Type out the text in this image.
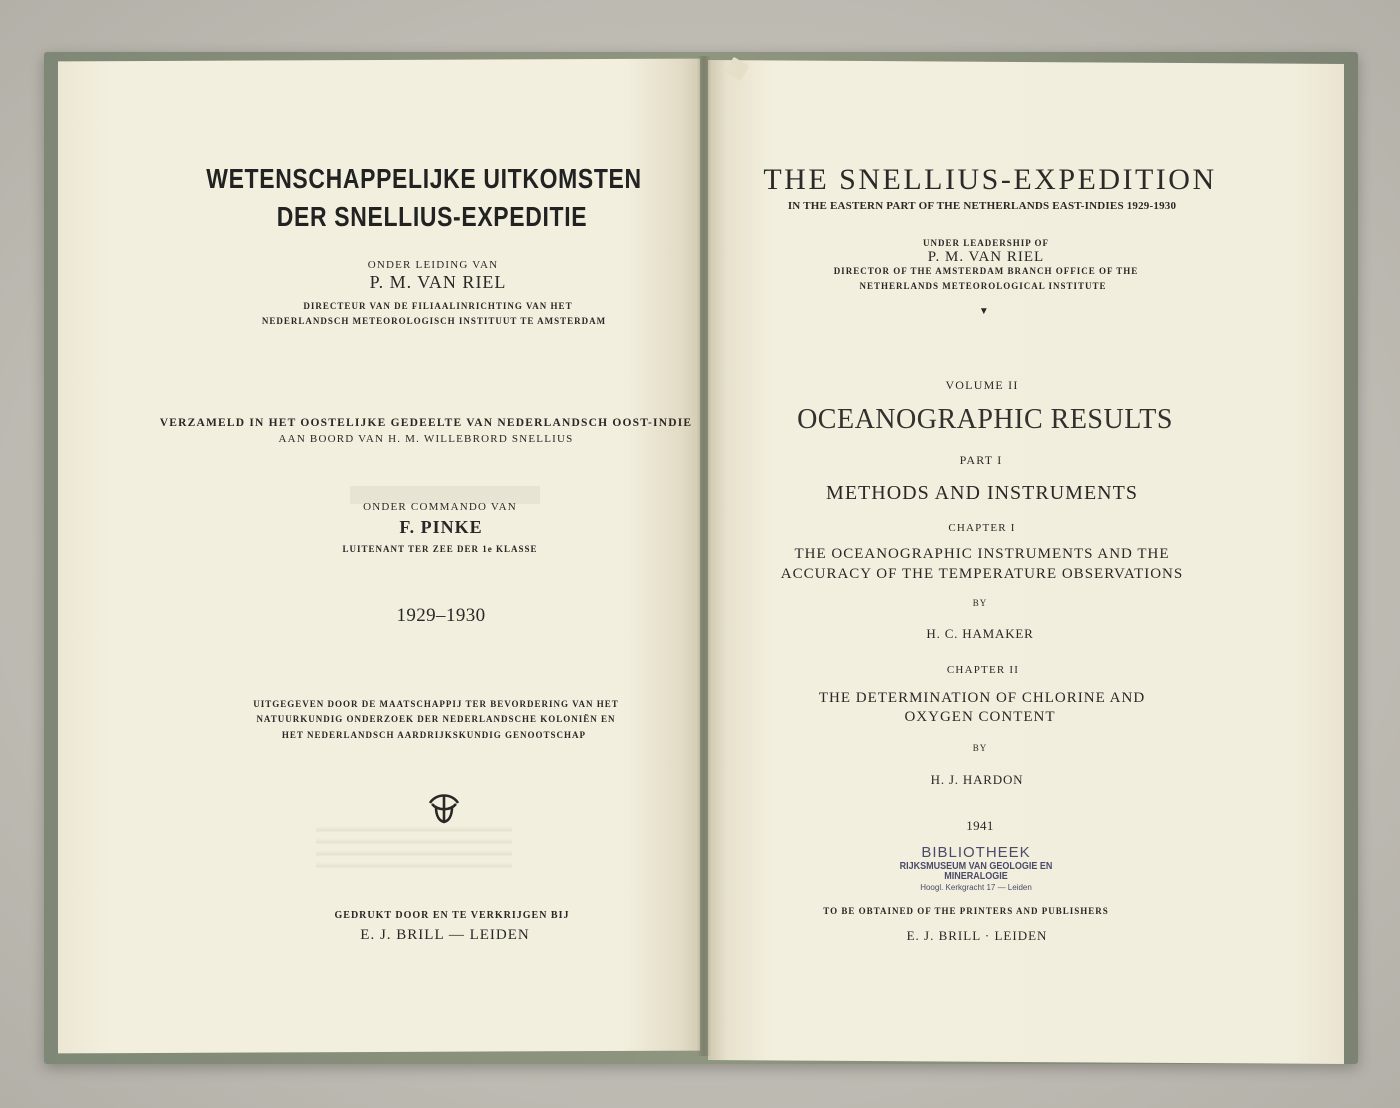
WETENSCHAPPELIJKE UITKOMSTEN
DER SNELLIUS-EXPEDITIE
ONDER LEIDING VAN
P. M. VAN RIEL
DIRECTEUR VAN DE FILIAALINRICHTING VAN HET
NEDERLANDSCH METEOROLOGISCH INSTITUUT TE AMSTERDAM
VERZAMELD IN HET OOSTELIJKE GEDEELTE VAN NEDERLANDSCH OOST-INDIE
AAN BOORD VAN H. M. WILLEBRORD SNELLIUS
ONDER COMMANDO VAN
F. PINKE
LUITENANT TER ZEE DER 1e KLASSE
1929–1930
UITGEGEVEN DOOR DE MAATSCHAPPIJ TER BEVORDERING VAN HET
NATUURKUNDIG ONDERZOEK DER NEDERLANDSCHE KOLONIËN EN
HET NEDERLANDSCH AARDRIJKSKUNDIG GENOOTSCHAP
GEDRUKT DOOR EN TE VERKRIJGEN BIJ
E. J. BRILL — LEIDEN
THE SNELLIUS-EXPEDITION
IN THE EASTERN PART OF THE NETHERLANDS EAST-INDIES 1929-1930
UNDER LEADERSHIP OF
P. M. VAN RIEL
DIRECTOR OF THE AMSTERDAM BRANCH OFFICE OF THE
NETHERLANDS METEOROLOGICAL INSTITUTE
▼
VOLUME II
OCEANOGRAPHIC RESULTS
PART I
METHODS AND INSTRUMENTS
CHAPTER I
THE OCEANOGRAPHIC INSTRUMENTS AND THE
ACCURACY OF THE TEMPERATURE OBSERVATIONS
BY
H. C. HAMAKER
CHAPTER II
THE DETERMINATION OF CHLORINE AND
OXYGEN CONTENT
BY
H. J. HARDON
1941
BIBLIOTHEEK
RIJKSMUSEUM VAN GEOLOGIE EN MINERALOGIE
Hoogl. Kerkgracht 17 — Leiden
TO BE OBTAINED OF THE PRINTERS AND PUBLISHERS
E. J. BRILL · LEIDEN
